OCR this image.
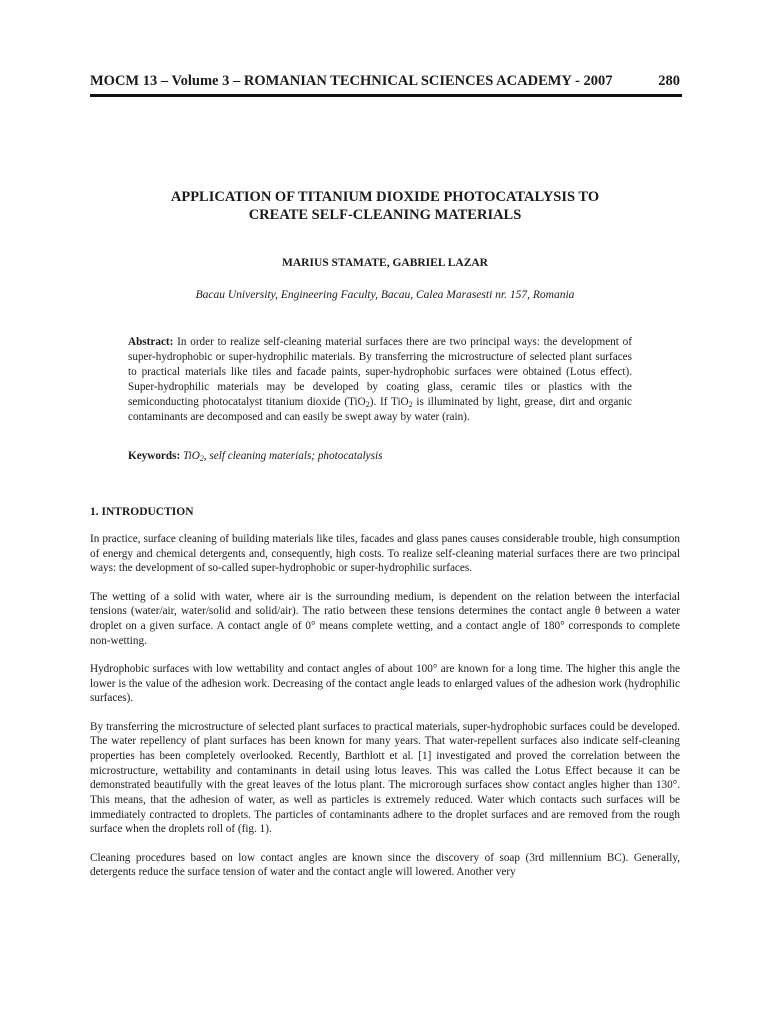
MOCM 13 – Volume 3 – ROMANIAN TECHNICAL SCIENCES ACADEMY - 2007	280
APPLICATION OF TITANIUM DIOXIDE PHOTOCATALYSIS TO
CREATE SELF-CLEANING MATERIALS
MARIUS STAMATE, GABRIEL LAZAR
Bacau University, Engineering Faculty, Bacau, Calea Marasesti nr. 157, Romania

Abstract: In order to realize self-cleaning material surfaces there are two principal ways: the development of super-hydrophobic or super-hydrophilic materials. By transferring the microstructure of selected plant surfaces to practical materials like tiles and facade paints, super-hydrophobic surfaces were obtained (Lotus effect). Super-hydrophilic materials may be developed by coating glass, ceramic tiles or plastics with the semiconducting photocatalyst titanium dioxide (TiO$_2$). If TiO$_2$ is illuminated by light, grease, dirt and organic contaminants are decomposed and can easily be swept away by water (rain).

Keywords: TiO$_2$, self cleaning materials; photocatalysis

1. INTRODUCTION

In practice, surface cleaning of building materials like tiles, facades and glass panes causes considerable trouble, high consumption of energy and chemical detergents and, consequently, high costs. To realize self-cleaning material surfaces there are two principal ways: the development of so-called super-hydrophobic or super-hydrophilic surfaces.

The wetting of a solid with water, where air is the surrounding medium, is dependent on the relation between the interfacial tensions (water/air, water/solid and solid/air). The ratio between these tensions determines the contact angle θ between a water droplet on a given surface. A contact angle of 0° means complete wetting, and a contact angle of 180° corresponds to complete non-wetting.

Hydrophobic surfaces with low wettability and contact angles of about 100° are known for a long time. The higher this angle the lower is the value of the adhesion work. Decreasing of the contact angle leads to enlarged values of the adhesion work (hydrophilic surfaces).

By transferring the microstructure of selected plant surfaces to practical materials, super-hydrophobic surfaces could be developed. The water repellency of plant surfaces has been known for many years. That water-repellent surfaces also indicate self-cleaning properties has been completely overlooked. Recently, Barthlott et al. [1] investigated and proved the correlation between the microstructure, wettability and contaminants in detail using lotus leaves. This was called the Lotus Effect because it can be demonstrated beautifully with the great leaves of the lotus plant. The microrough surfaces show contact angles higher than 130°. This means, that the adhesion of water, as well as particles is extremely reduced. Water which contacts such surfaces will be immediately contracted to droplets. The particles of contaminants adhere to the droplet surfaces and are removed from the rough surface when the droplets roll of (fig. 1).

Cleaning procedures based on low contact angles are known since the discovery of soap (3rd millennium BC). Generally, detergents reduce the surface tension of water and the contact angle will lowered. Another very
